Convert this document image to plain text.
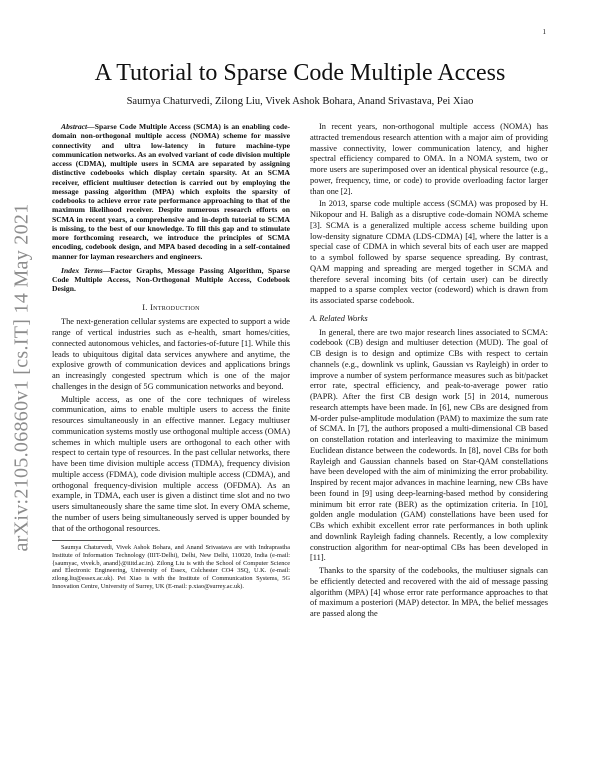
1
arXiv:2105.06860v1 [cs.IT] 14 May 2021
A Tutorial to Sparse Code Multiple Access
Saumya Chaturvedi, Zilong Liu, Vivek Ashok Bohara, Anand Srivastava, Pei Xiao
Abstract—Sparse Code Multiple Access (SCMA) is an enabling code-domain non-orthogonal multiple access (NOMA) scheme for massive connectivity and ultra low-latency in future machine-type communication networks. As an evolved variant of code division multiple access (CDMA), multiple users in SCMA are separated by assigning distinctive codebooks which display certain sparsity. At an SCMA receiver, efficient multiuser detection is carried out by employing the message passing algorithm (MPA) which exploits the sparsity of codebooks to achieve error rate performance approaching to that of the maximum likelihood receiver. Despite numerous research efforts on SCMA in recent years, a comprehensive and in-depth tutorial to SCMA is missing, to the best of our knowledge. To fill this gap and to stimulate more forthcoming research, we introduce the principles of SCMA encoding, codebook design, and MPA based decoding in a self-contained manner for layman researchers and engineers.
Index Terms—Factor Graphs, Message Passing Algorithm, Sparse Code Multiple Access, Non-Orthogonal Multiple Access, Codebook Design.
I. Introduction

The next-generation cellular systems are expected to support a wide range of vertical industries such as e-health, smart homes/cities, connected autonomous vehicles, and factories-of-future [1]. While this leads to ubiquitous digital data services anywhere and anytime, the explosive growth of communication devices and applications brings an increasingly congested spectrum which is one of the major challenges in the design of 5G communication networks and beyond.

Multiple access, as one of the core techniques of wireless communication, aims to enable multiple users to access the finite resources simultaneously in an effective manner. Legacy multiuser communication systems mostly use orthogonal multiple access (OMA) schemes in which multiple users are orthogonal to each other with respect to certain type of resources. In the past cellular networks, there have been time division multiple access (TDMA), frequency division multiple access (FDMA), code division multiple access (CDMA), and orthogonal frequency-division multiple access (OFDMA). As an example, in TDMA, each user is given a distinct time slot and no two users simultaneously share the same time slot. In every OMA scheme, the number of users being simultaneously served is upper bounded by that of the orthogonal resources.

Saumya Chaturvedi, Vivek Ashok Bohara, and Anand Srivastava are with Indraprastha Institute of Information Technology (IIIT-Delhi), Delhi, New Delhi, 110020, India (e-mail: {saumyac, vivek.b, anand}@iiitd.ac.in). Zilong Liu is with the School of Computer Science and Electronic Engineering, University of Essex, Colchester CO4 3SQ, U.K. (e-mail: zilong.liu@essex.ac.uk). Pei Xiao is with the Institute of Communication Systems, 5G Innovation Centre, University of Surrey, UK (E-mail: p.xiao@surrey.ac.uk).

In recent years, non-orthogonal multiple access (NOMA) has attracted tremendous research attention with a major aim of providing massive connectivity, lower communication latency, and higher spectral efficiency compared to OMA. In a NOMA system, two or more users are superimposed over an identical physical resource (e.g., power, frequency, time, or code) to provide overloading factor larger than one [2].

In 2013, sparse code multiple access (SCMA) was proposed by H. Nikopour and H. Baligh as a disruptive code-domain NOMA scheme [3]. SCMA is a generalized multiple access scheme building upon low-density signature CDMA (LDS-CDMA) [4], where the latter is a special case of CDMA in which several bits of each user are mapped to a symbol followed by sparse sequence spreading. By contrast, QAM mapping and spreading are merged together in SCMA and therefore several incoming bits (of certain user) can be directly mapped to a sparse complex vector (codeword) which is drawn from its associated sparse codebook.

A. Related Works

In general, there are two major research lines associated to SCMA: codebook (CB) design and multiuser detection (MUD). The goal of CB design is to design and optimize CBs with respect to certain channels (e.g., downlink vs uplink, Gaussian vs Rayleigh) in order to improve a number of system performance measures such as bit/packet error rate, spectral efficiency, and peak-to-average power ratio (PAPR). After the first CB design work [5] in 2014, numerous research attempts have been made. In [6], new CBs are designed from M-order pulse-amplitude modulation (PAM) to maximize the sum rate of SCMA. In [7], the authors proposed a multi-dimensional CB based on constellation rotation and interleaving to maximize the minimum Euclidean distance between the codewords. In [8], novel CBs for both Rayleigh and Gaussian channels based on Star-QAM constellations have been developed with the aim of minimizing the error probability. Inspired by recent major advances in machine learning, new CBs have been found in [9] using deep-learning-based method by considering minimum bit error rate (BER) as the optimization criteria. In [10], golden angle modulation (GAM) constellations have been used for CBs which exhibit excellent error rate performances in both uplink and downlink Rayleigh fading channels. Recently, a low complexity construction algorithm for near-optimal CBs has been developed in [11].

Thanks to the sparsity of the codebooks, the multiuser signals can be efficiently detected and recovered with the aid of message passing algorithm (MPA) [4] whose error rate performance approaches to that of maximum a posteriori (MAP) detector. In MPA, the belief messages are passed along the
